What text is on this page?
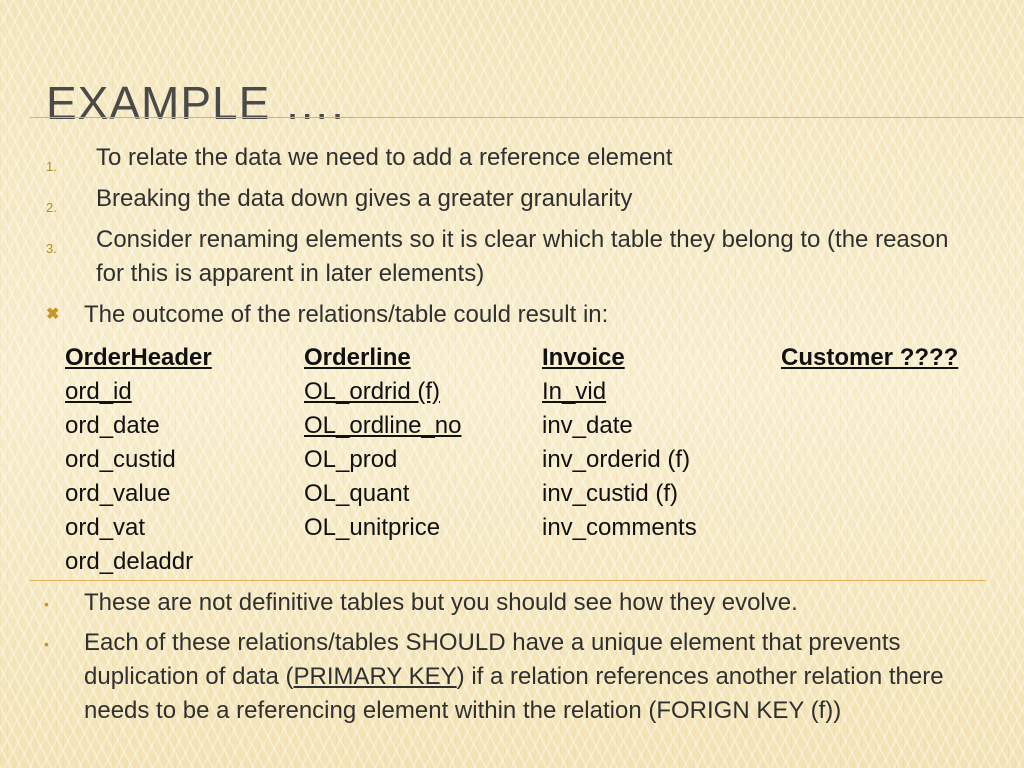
EXAMPLE ….
1. To relate the data we need to add a reference element
2. Breaking the data down gives a greater granularity
3. Consider renaming elements so it is clear which table they belong to (the reason for this is apparent in later elements)
✖ The outcome of the relations/table could result in:
OrderHeader
ord_id
ord_date
ord_custid
ord_value
ord_vat
ord_deladdr
Orderline
OL_ordrid (f)
OL_ordline_no
OL_prod
OL_quant
OL_unitprice
Invoice
In_vid
inv_date
inv_orderid (f)
inv_custid (f)
inv_comments
Customer ????
• These are not definitive tables but you should see how they evolve.
• Each of these relations/tables SHOULD have a unique element that prevents duplication of data (PRIMARY KEY) if a relation references another relation there needs to be a referencing element within the relation (FORIGN KEY (f))
